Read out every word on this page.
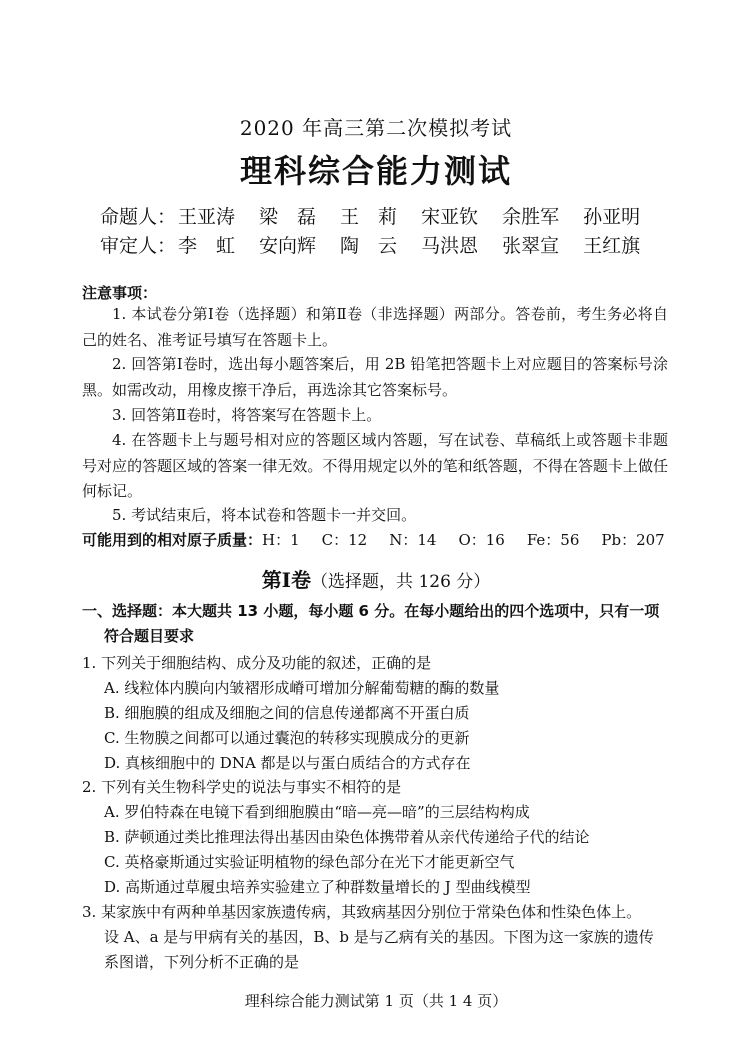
2020 年高三第二次模拟考试
理科综合能力测试
命题人： 王亚涛 梁　磊 王　莉 宋亚钦 余胜军 孙亚明
审定人： 李　虹 安向辉 陶　云 马洪恩 张翠宣 王红旗
注意事项：
1. 本试卷分第Ⅰ卷（选择题）和第Ⅱ卷（非选择题）两部分。答卷前，考生务必将自己的姓名、准考证号填写在答题卡上。
2. 回答第Ⅰ卷时，选出每小题答案后，用 2B 铅笔把答题卡上对应题目的答案标号涂黑。如需改动，用橡皮擦干净后，再选涂其它答案标号。
3. 回答第Ⅱ卷时，将答案写在答题卡上。
4. 在答题卡上与题号相对应的答题区域内答题，写在试卷、草稿纸上或答题卡非题号对应的答题区域的答案一律无效。不得用规定以外的笔和纸答题，不得在答题卡上做任何标记。
5. 考试结束后，将本试卷和答题卡一并交回。
可能用到的相对原子质量：H：1 C：12 N：14 O：16 Fe：56 Pb：207
第Ⅰ卷（选择题，共 126 分）
一、选择题：本大题共 13 小题，每小题 6 分。在每小题给出的四个选项中，只有一项
符合题目要求
1. 下列关于细胞结构、成分及功能的叙述，正确的是
A. 线粒体内膜向内皱褶形成嵴可增加分解葡萄糖的酶的数量
B. 细胞膜的组成及细胞之间的信息传递都离不开蛋白质
C. 生物膜之间都可以通过囊泡的转移实现膜成分的更新
D. 真核细胞中的 DNA 都是以与蛋白质结合的方式存在
2. 下列有关生物科学史的说法与事实不相符的是
A. 罗伯特森在电镜下看到细胞膜由“暗—亮—暗”的三层结构构成
B. 萨顿通过类比推理法得出基因由染色体携带着从亲代传递给子代的结论
C. 英格豪斯通过实验证明植物的绿色部分在光下才能更新空气
D. 高斯通过草履虫培养实验建立了种群数量增长的 J 型曲线模型
3. 某家族中有两种单基因家族遗传病，其致病基因分别位于常染色体和性染色体上。
设 A、a 是与甲病有关的基因，B、b 是与乙病有关的基因。下图为这一家族的遗传
系图谱，下列分析不正确的是
理科综合能力测试第 1 页（共 1 4 页）
